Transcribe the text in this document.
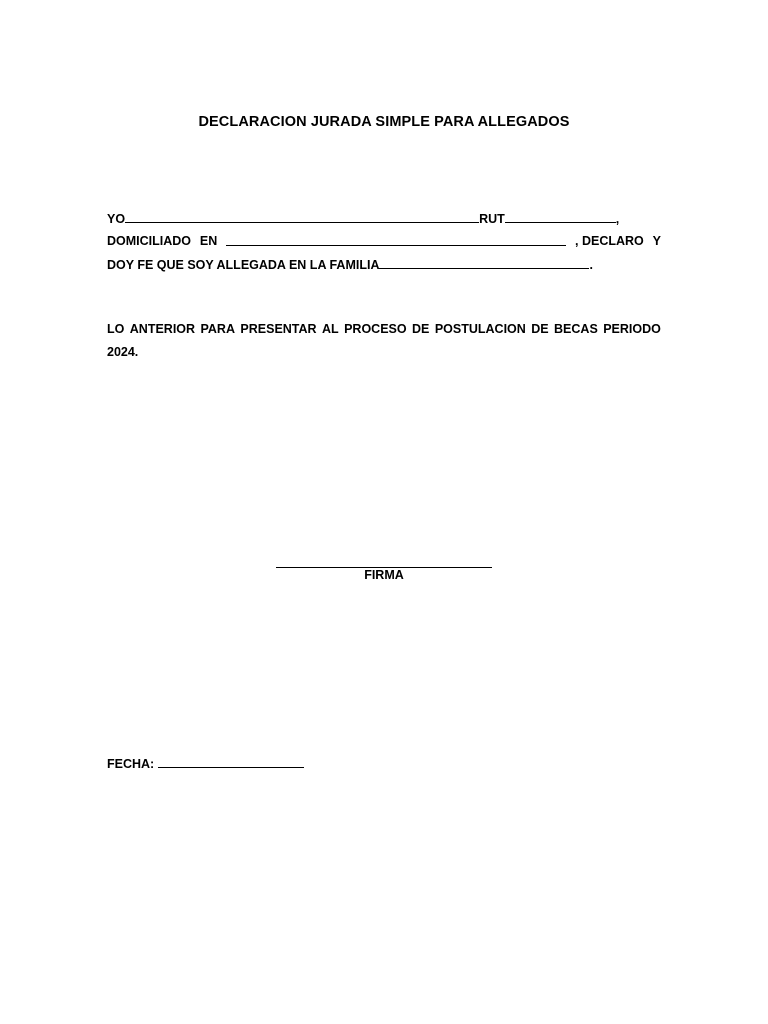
DECLARACION JURADA SIMPLE PARA ALLEGADOS
YO	RUT	,
DOMICILIADO EN	, DECLARO Y
DOY FE QUE SOY ALLEGADA EN LA FAMILIA	.
LO ANTERIOR PARA PRESENTAR AL PROCESO DE POSTULACION DE BECAS PERIODO
2024.
FIRMA
FECHA:
